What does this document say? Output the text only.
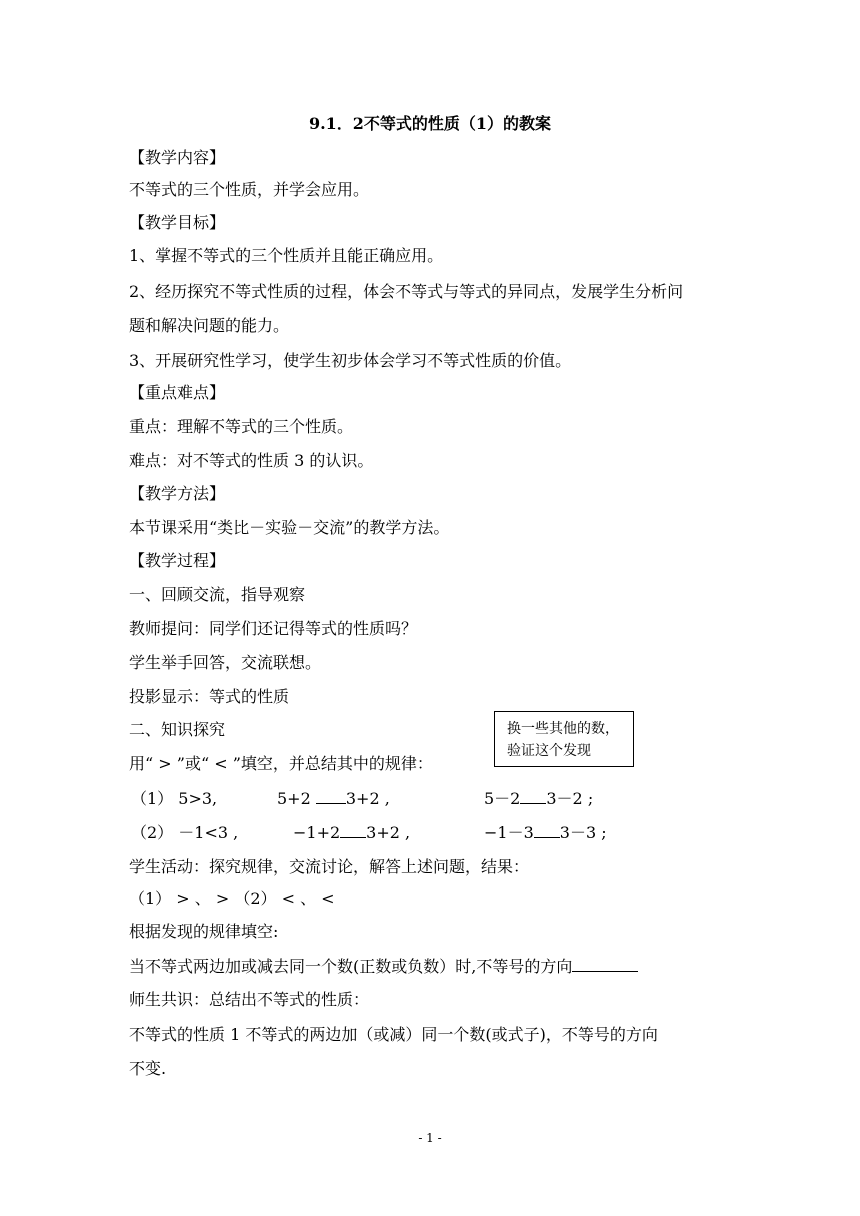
9.1．2不等式的性质（1）的教案
【教学内容】
不等式的三个性质，并学会应用。
【教学目标】
1、掌握不等式的三个性质并且能正确应用。
2、经历探究不等式性质的过程，体会不等式与等式的异同点，发展学生分析问
题和解决问题的能力。
3、开展研究性学习，使学生初步体会学习不等式性质的价值。
【重点难点】
重点：理解不等式的三个性质。
难点：对不等式的性质 3 的认识。
【教学方法】
本节课采用“类比－实验－交流”的教学方法。
【教学过程】
一、回顾交流，指导观察
教师提问：同学们还记得等式的性质吗？
学生举手回答，交流联想。
投影显示：等式的性质
二、知识探究
用“ > ”或“ < ”填空，并总结其中的规律：
换一些其他的数，
验证这个发现
（1） 5>3,	5+2 3+2 ,	5－2 3－2 ;
（2） －1<3 ,	−1+2 3+2 ,	−1－3 3－3 ;
学生活动：探究规律，交流讨论，解答上述问题，结果：
（1） > 、 > （2） < 、 <
根据发现的规律填空:
当不等式两边加或减去同一个数(正数或负数）时,不等号的方向
师生共识：总结出不等式的性质：
不等式的性质 1 不等式的两边加（或减）同一个数(或式子)，不等号的方向
不变.
- 1 -
